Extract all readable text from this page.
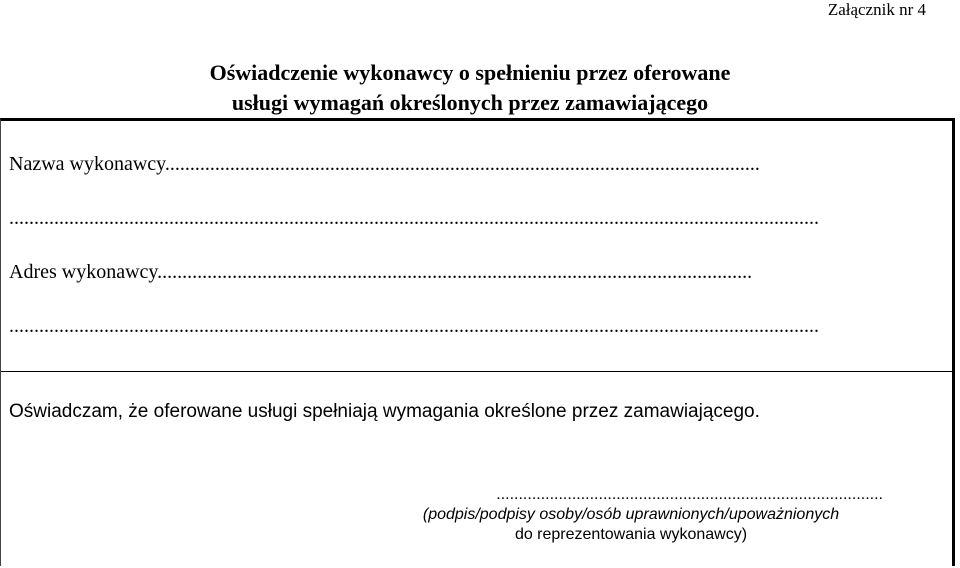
Załącznik nr 4
Oświadczenie wykonawcy o spełnieniu przez oferowane
usługi wymagań określonych przez zamawiającego
Nazwa wykonawcy.......................................................................................................................
..................................................................................................................................................................
Adres wykonawcy.......................................................................................................................
..................................................................................................................................................................
Oświadczam, że oferowane usługi spełniają wymagania określone przez zamawiającego.
.......................................................................................
(podpis/podpisy osoby/osób uprawnionych/upoważnionych
do reprezentowania wykonawcy)
